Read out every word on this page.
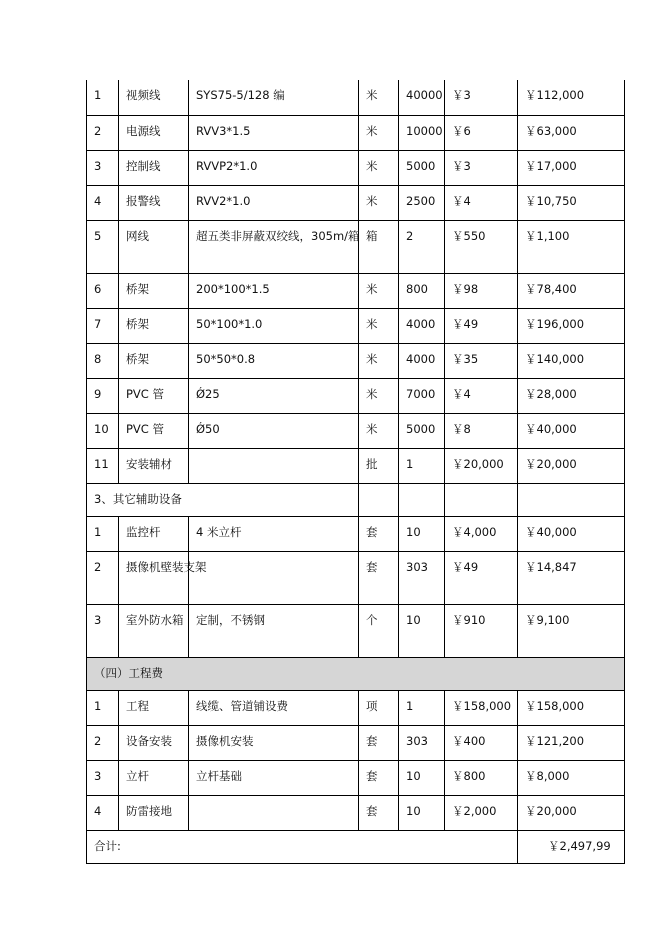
1	视频线	SYS75-5/128 编	米	40000	￥3	￥112,000
2	电源线	RVV3*1.5	米	10000	￥6	￥63,000
3	控制线	RVVP2*1.0	米	5000	￥3	￥17,000
4	报警线	RVV2*1.0	米	2500	￥4	￥10,750
5	网线	超五类非屏蔽双绞线，305m/箱	箱	2	￥550	￥1,100
6	桥架	200*100*1.5	米	800	￥98	￥78,400
7	桥架	50*100*1.0	米	4000	￥49	￥196,000
8	桥架	50*50*0.8	米	4000	￥35	￥140,000
9	PVC 管	Ǿ25	米	7000	￥4	￥28,000
10	PVC 管	Ǿ50	米	5000	￥8	￥40,000
11	安装辅材		批	1	￥20,000	￥20,000
3、其它辅助设备						
1	监控杆	4 米立杆	套	10	￥4,000	￥40,000
2	摄像机壁装支架		套	303	￥49	￥14,847
3	室外防水箱	定制，不锈钢	个	10	￥910	￥9,100
（四）工程费						
1	工程	线缆、管道铺设费	项	1	￥158,000	￥158,000
2	设备安装	摄像机安装	套	303	￥400	￥121,200
3	立杆	立杆基础	套	10	￥800	￥8,000
4	防雷接地		套	10	￥2,000	￥20,000
合计:						￥2,497,99
